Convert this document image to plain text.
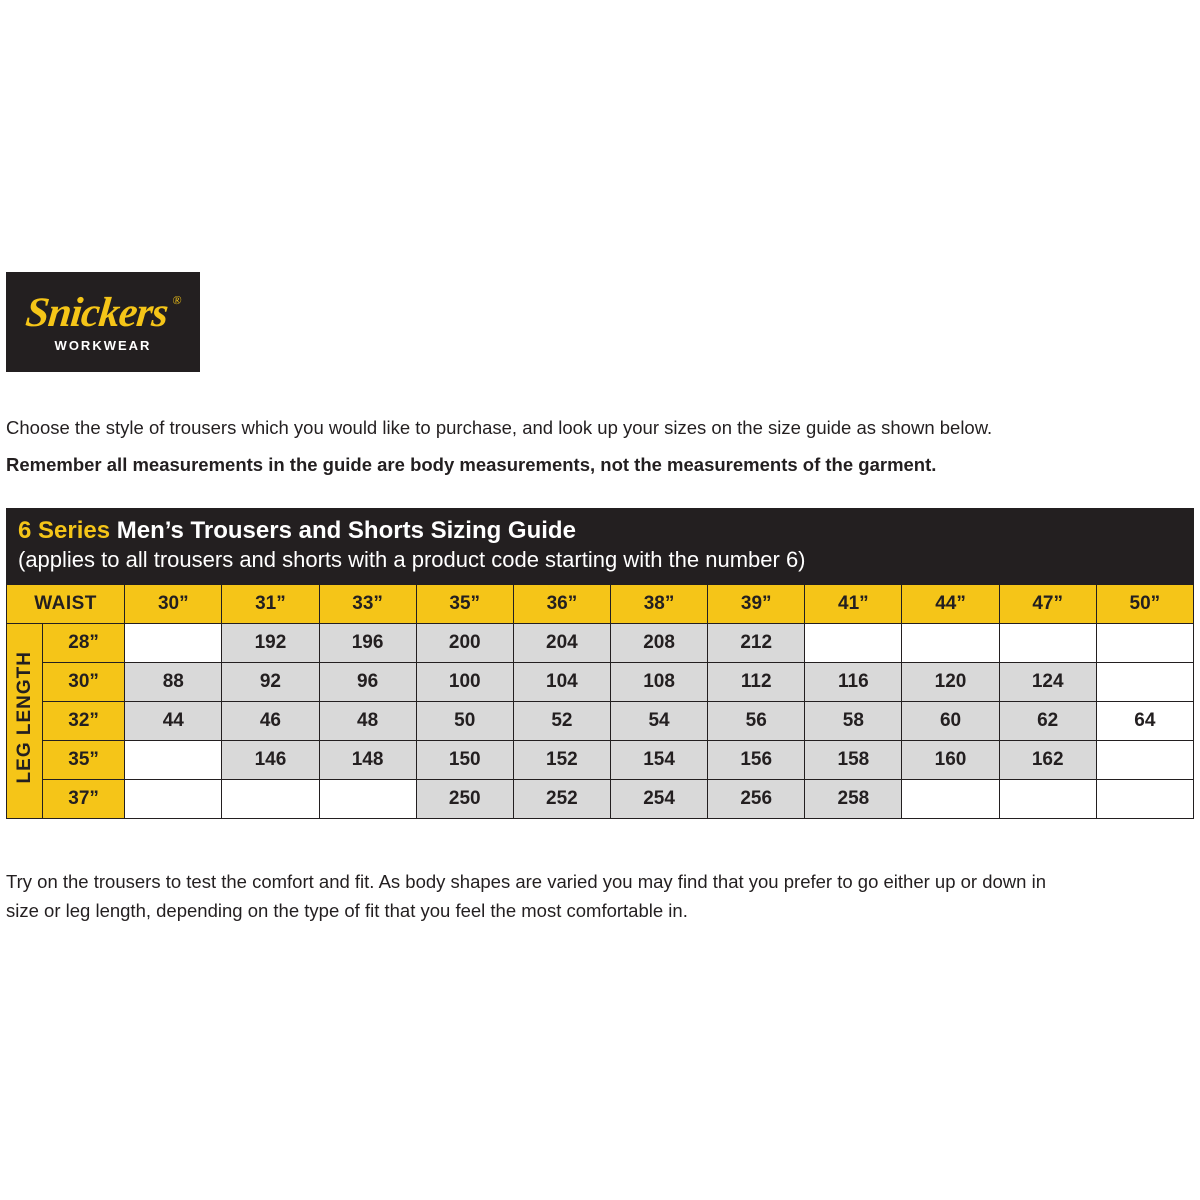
Snickers ®
WORKWEAR
Choose the style of trousers which you would like to purchase, and look up your sizes on the size guide as shown below.
Remember all measurements in the guide are body measurements, not the measurements of the garment.
6 Series Men’s Trousers and Shorts Sizing Guide
(applies to all trousers and shorts with a product code starting with the number 6)
WAIST		30”	31”	33”	35”	36”	38”	39”	41”	44”	47”	50”
LEG LENGTH	28”		192	196	200	204	208	212				
	30”	88	92	96	100	104	108	112	116	120	124	
	32”	44	46	48	50	52	54	56	58	60	62	64
	35”		146	148	150	152	154	156	158	160	162	
	37”				250	252	254	256	258			
Try on the trousers to test the comfort and fit. As body shapes are varied you may find that you prefer to go either up or down in size or leg length, depending on the type of fit that you feel the most comfortable in.
